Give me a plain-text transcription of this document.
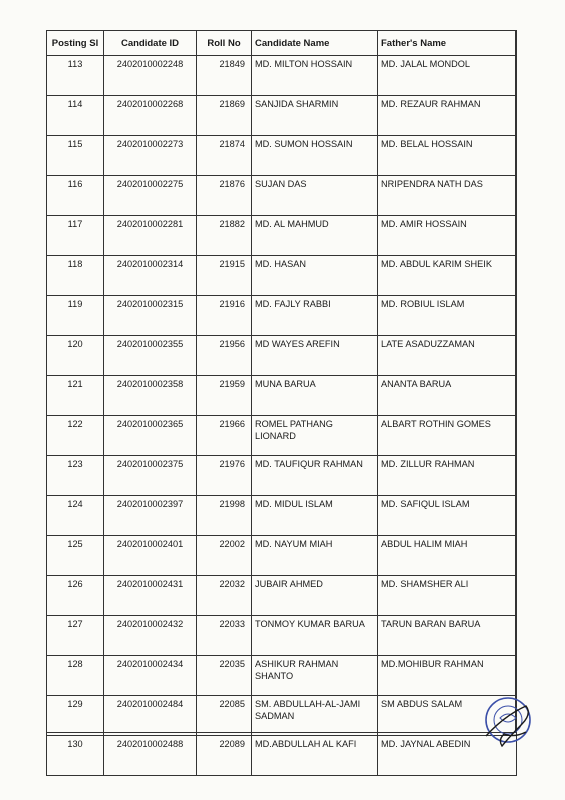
Posting Sl	Candidate ID	Roll No	Candidate Name	Father's Name
113	2402010002248	21849	MD. MILTON HOSSAIN	MD. JALAL MONDOL
114	2402010002268	21869	SANJIDA SHARMIN	MD. REZAUR RAHMAN
115	2402010002273	21874	MD. SUMON HOSSAIN	MD. BELAL HOSSAIN
116	2402010002275	21876	SUJAN DAS	NRIPENDRA NATH DAS
117	2402010002281	21882	MD. AL MAHMUD	MD. AMIR HOSSAIN
118	2402010002314	21915	MD. HASAN	MD. ABDUL KARIM SHEIK
119	2402010002315	21916	MD. FAJLY RABBI	MD. ROBIUL ISLAM
120	2402010002355	21956	MD WAYES AREFIN	LATE ASADUZZAMAN
121	2402010002358	21959	MUNA BARUA	ANANTA BARUA
122	2402010002365	21966	ROMEL PATHANG LIONARD	ALBART ROTHIN GOMES
123	2402010002375	21976	MD. TAUFIQUR RAHMAN	MD. ZILLUR RAHMAN
124	2402010002397	21998	MD. MIDUL ISLAM	MD. SAFIQUL ISLAM
125	2402010002401	22002	MD. NAYUM MIAH	ABDUL HALIM MIAH
126	2402010002431	22032	JUBAIR AHMED	MD. SHAMSHER ALI
127	2402010002432	22033	TONMOY KUMAR BARUA	TARUN BARAN BARUA
128	2402010002434	22035	ASHIKUR RAHMAN SHANTO	MD.MOHIBUR RAHMAN
129	2402010002484	22085	SM. ABDULLAH-AL-JAMI SADMAN	SM ABDUS SALAM
130	2402010002488	22089	MD.ABDULLAH AL KAFI	MD. JAYNAL ABEDIN
